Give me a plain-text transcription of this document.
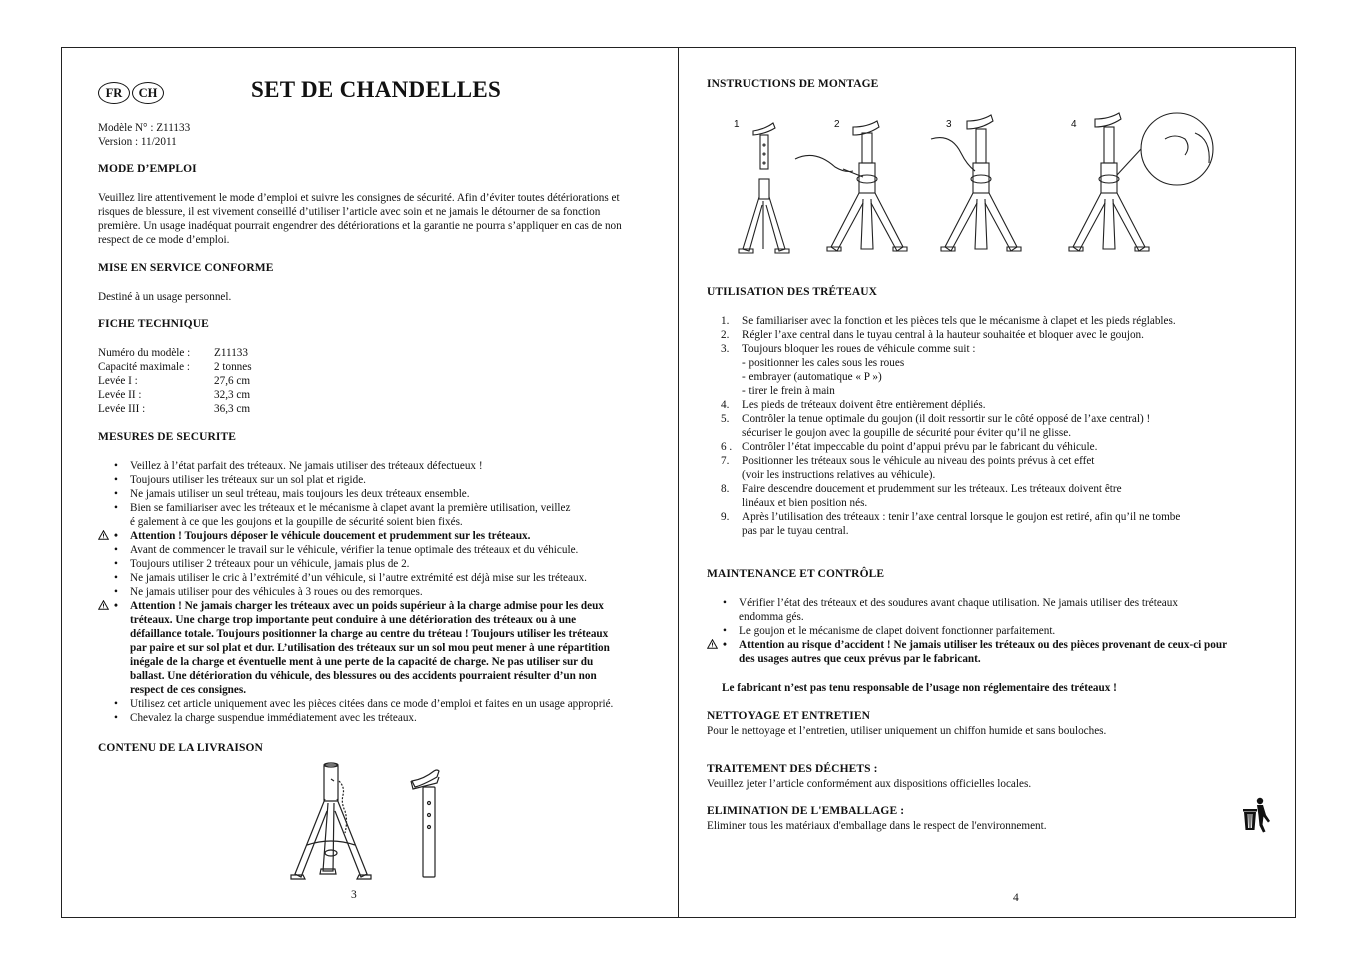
FR	CH	SET DE CHANDELLES
Modèle N° : Z11133
Version : 11/2011
MODE D’EMPLOI
Veuillez lire attentivement le mode d’emploi et suivre les consignes de sécurité. Afin d’éviter toutes détériorations et
risques de blessure, il est vivement conseillé d’utiliser l’article avec soin et ne jamais le détourner de sa fonction
première. Un usage inadéquat pourrait engendrer des détériorations et la garantie ne pourra s’appliquer en cas de non
respect de ce mode d’emploi.
MISE EN SERVICE CONFORME
Destiné à un usage personnel.
FICHE TECHNIQUE
Numéro du modèle :	Z11133
Capacité maximale :	2 tonnes
Levée I :	27,6 cm
Levée II :	32,3 cm
Levée III :	36,3 cm
MESURES DE SECURITE
• Veillez à l’état parfait des tréteaux. Ne jamais utiliser des tréteaux défectueux !
• Toujours utiliser les tréteaux sur un sol plat et rigide.
• Ne jamais utiliser un seul tréteau, mais toujours les deux tréteaux ensemble.
• Bien se familiariser avec les tréteaux et le mécanisme à clapet avant la première utilisation, veillez
é galement à ce que les goujons et la goupille de sécurité soient bien fixés.
• Attention ! Toujours déposer le véhicule doucement et prudemment sur les tréteaux.
• Avant de commencer le travail sur le véhicule, vérifier la tenue optimale des tréteaux et du véhicule.
• Toujours utiliser 2 tréteaux pour un véhicule, jamais plus de 2.
• Ne jamais utiliser le cric à l’extrémité d’un véhicule, si l’autre extrémité est déjà mise sur les tréteaux.
• Ne jamais utiliser pour des véhicules à 3 roues ou des remorques.
• Attention ! Ne jamais charger les tréteaux avec un poids supérieur à la charge admise pour les deux
tréteaux. Une charge trop importante peut conduire à une détérioration des tréteaux ou à une
défaillance totale. Toujours positionner la charge au centre du tréteau ! Toujours utiliser les tréteaux
par paire et sur sol plat et dur. L’utilisation des tréteaux sur un sol mou peut mener à une répartition
inégale de la charge et éventuelle ment à une perte de la capacité de charge. Ne pas utiliser sur du
ballast. Une détérioration du véhicule, des blessures ou des accidents pourraient résulter d’un non
respect de ces consignes.
• Utilisez cet article uniquement avec les pièces citées dans ce mode d’emploi et faites en un usage approprié.
• Chevalez la charge suspendue immédiatement avec les tréteaux.
CONTENU DE LA LIVRAISON
3
INSTRUCTIONS DE MONTAGE
1	2	3	4
UTILISATION DES TRÉTEAUX
1. Se familiariser avec la fonction et les pièces tels que le mécanisme à clapet et les pieds réglables.
2. Régler l’axe central dans le tuyau central à la hauteur souhaitée et bloquer avec le goujon.
3. Toujours bloquer les roues de véhicule comme suit :
- positionner les cales sous les roues
- embrayer (automatique « P »)
- tirer le frein à main
4. Les pieds de tréteaux doivent être entièrement dépliés.
5. Contrôler la tenue optimale du goujon (il doit ressortir sur le côté opposé de l’axe central) !
sécuriser le goujon avec la goupille de sécurité pour éviter qu’il ne glisse.
6 . Contrôler l’état impeccable du point d’appui prévu par le fabricant du véhicule.
7. Positionner les tréteaux sous le véhicule au niveau des points prévus à cet effet
(voir les instructions relatives au véhicule).
8. Faire descendre doucement et prudemment sur les tréteaux. Les tréteaux doivent être
linéaux et bien position nés.
9. Après l’utilisation des tréteaux : tenir l’axe central lorsque le goujon est retiré, afin qu’il ne tombe
pas par le tuyau central.
MAINTENANCE ET CONTRÔLE
• Vérifier l’état des tréteaux et des soudures avant chaque utilisation. Ne jamais utiliser des tréteaux
endomma gés.
• Le goujon et le mécanisme de clapet doivent fonctionner parfaitement.
• Attention au risque d’accident ! Ne jamais utiliser les tréteaux ou des pièces provenant de ceux-ci pour
des usages autres que ceux prévus par le fabricant.
Le fabricant n’est pas tenu responsable de l’usage non réglementaire des tréteaux !
NETTOYAGE ET ENTRETIEN
Pour le nettoyage et l’entretien, utiliser uniquement un chiffon humide et sans bouloches.
TRAITEMENT DES DÉCHETS :
Veuillez jeter l’article conformément aux dispositions officielles locales.
ELIMINATION DE L'EMBALLAGE :
Eliminer tous les matériaux d'emballage dans le respect de l'environnement.
4
